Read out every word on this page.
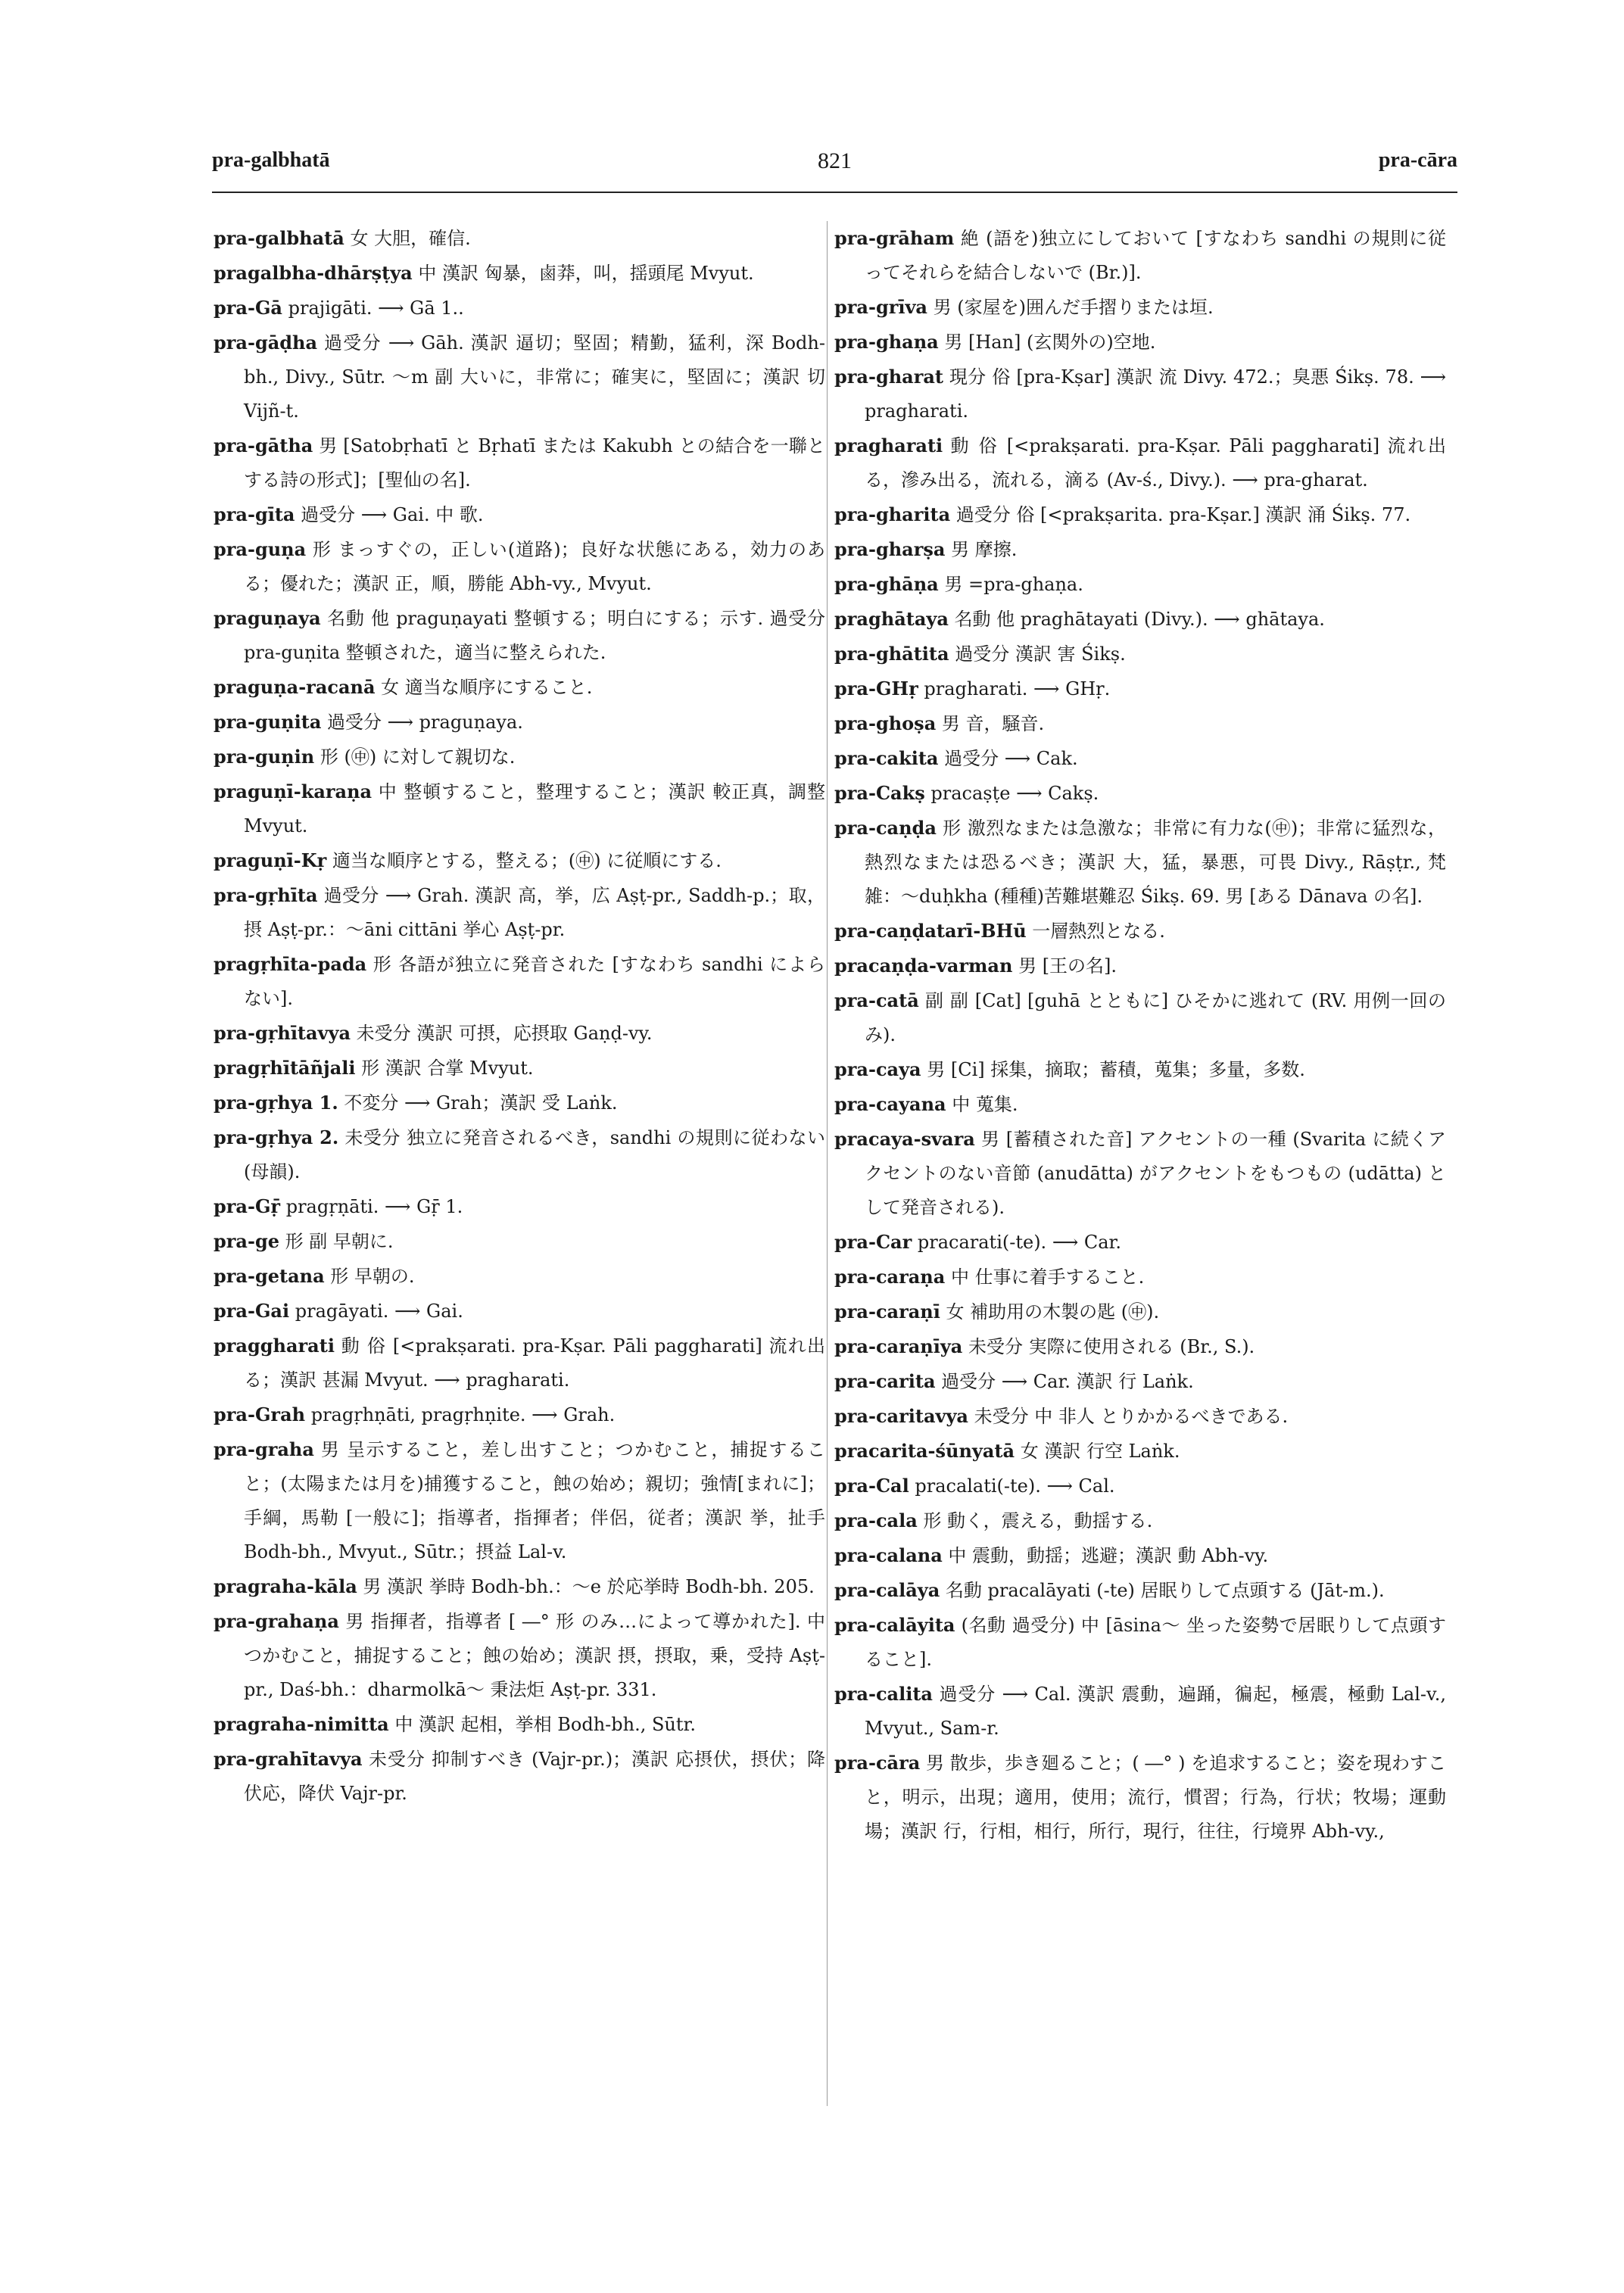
pra-galbhatā	821	pra-cāra
pra-galbhatā 女 大胆，確信.
pragalbha-dhārṣṭya 中 漢訳 匈暴，鹵莽，叫，揺頭尾 Mvyut.
pra-Gā prajigāti. ⟶ Gā 1..
pra-gāḍha 過受分 ⟶ Gāh. 漢訳 逼切；堅固；精勤，猛利，深 Bodh-bh., Divy., Sūtr. ～m 副 大いに，非常に；確実に，堅固に；漢訳 切 Vijñ-t.
pra-gātha 男 [Satobṛhatī と Bṛhatī または Kakubh との結合を一聯とする詩の形式]；[聖仙の名].
pra-gīta 過受分 ⟶ Gai. 中 歌.
pra-guṇa 形 まっすぐの，正しい(道路)；良好な状態にある，効力のある；優れた；漢訳 正，順，勝能 Abh-vy., Mvyut.
praguṇaya 名動 他 praguṇayati 整頓する；明白にする；示す. 過受分 pra-guṇita 整頓された，適当に整えられた.
praguṇa-racanā 女 適当な順序にすること.
pra-guṇita 過受分 ⟶ praguṇaya.
pra-guṇin 形 (㊥) に対して親切な.
praguṇī-karaṇa 中 整頓すること，整理すること；漢訳 較正真，調整 Mvyut.
praguṇī-Kṛ 適当な順序とする，整える；(㊥) に従順にする.
pra-gṛhīta 過受分 ⟶ Grah. 漢訳 高，挙，広 Aṣṭ-pr., Saddh-p.；取，摂 Aṣṭ-pr.：～āni cittāni 挙心 Aṣṭ-pr.
pragṛhīta-pada 形 各語が独立に発音された [すなわち sandhi によらない].
pra-gṛhītavya 未受分 漢訳 可摂，応摂取 Gaṇḍ-vy.
pragṛhītāñjali 形 漢訳 合掌 Mvyut.
pra-gṛhya 1. 不変分 ⟶ Grah；漢訳 受 Laṅk.
pra-gṛhya 2. 未受分 独立に発音されるべき，sandhi の規則に従わない(母韻).
pra-Gṝ pragṛṇāti. ⟶ Gṝ 1.
pra-ge 形 副 早朝に.
pra-getana 形 早朝の.
pra-Gai pragāyati. ⟶ Gai.
praggharati 動 俗 [<prakṣarati. pra-Kṣar. Pāli paggharati] 流れ出る；漢訳 甚漏 Mvyut. ⟶ pragharati.
pra-Grah pragṛhṇāti, pragṛhṇite. ⟶ Grah.
pra-graha 男 呈示すること，差し出すこと；つかむこと，捕捉すること；(太陽または月を)捕獲すること，蝕の始め；親切；強情[まれに]；手綱，馬勒 [一般に]；指導者，指揮者；伴侶，従者；漢訳 挙，扯手 Bodh-bh., Mvyut., Sūtr.；摂益 Lal-v.
pragraha-kāla 男 漢訳 挙時 Bodh-bh.：～e 於応挙時 Bodh-bh. 205.
pra-grahaṇa 男 指揮者，指導者 [ ―° 形 のみ…によって導かれた]. 中 つかむこと，捕捉すること；蝕の始め；漢訳 摂，摂取，乗，受持 Aṣṭ-pr., Daś-bh.：dharmolkā～ 秉法炬 Aṣṭ-pr. 331.
pragraha-nimitta 中 漢訳 起相，挙相 Bodh-bh., Sūtr.
pra-grahītavya 未受分 抑制すべき (Vajr-pr.)；漢訳 応摂伏，摂伏；降伏応，降伏 Vajr-pr.
pra-grāham 絶 (語を)独立にしておいて [すなわち sandhi の規則に従ってそれらを結合しないで (Br.)].
pra-grīva 男 (家屋を)囲んだ手摺りまたは垣.
pra-ghaṇa 男 [Han] (玄関外の)空地.
pra-gharat 現分 俗 [pra-Kṣar] 漢訳 流 Divy. 472.；臭悪 Śikṣ. 78. ⟶ pragharati.
pragharati 動 俗 [<prakṣarati. pra-Kṣar. Pāli paggharati] 流れ出る，滲み出る，流れる，滴る (Av-ś., Divy.). ⟶ pra-gharat.
pra-gharita 過受分 俗 [<prakṣarita. pra-Kṣar.] 漢訳 涌 Śikṣ. 77.
pra-gharṣa 男 摩擦.
pra-ghāṇa 男 =pra-ghaṇa.
praghātaya 名動 他 praghātayati (Divy.). ⟶ ghātaya.
pra-ghātita 過受分 漢訳 害 Śikṣ.
pra-GHṛ pragharati. ⟶ GHṛ.
pra-ghoṣa 男 音，騒音.
pra-cakita 過受分 ⟶ Cak.
pra-Cakṣ pracaṣṭe ⟶ Cakṣ.
pra-caṇḍa 形 激烈なまたは急激な；非常に有力な(㊥)；非常に猛烈な，熱烈なまたは恐るべき；漢訳 大，猛，暴悪，可畏 Divy., Rāṣṭr., 梵雑：～duḥkha (種種)苦難堪難忍 Śikṣ. 69. 男 [ある Dānava の名].
pra-caṇḍatarī-BHū 一層熱烈となる.
pracaṇḍa-varman 男 [王の名].
pra-catā 副 副 [Cat] [guhā とともに] ひそかに逃れて (RV. 用例一回のみ).
pra-caya 男 [Ci] 採集，摘取；蓄積，蒐集；多量，多数.
pra-cayana 中 蒐集.
pracaya-svara 男 [蓄積された音] アクセントの一種 (Svarita に続くアクセントのない音節 (anudātta) がアクセントをもつもの (udātta) として発音される).
pra-Car pracarati(-te). ⟶ Car.
pra-caraṇa 中 仕事に着手すること.
pra-caraṇī 女 補助用の木製の匙 (㊥).
pra-caraṇīya 未受分 実際に使用される (Br., S.).
pra-carita 過受分 ⟶ Car. 漢訳 行 Laṅk.
pra-caritavya 未受分 中 非人 とりかかるべきである.
pracarita-śūnyatā 女 漢訳 行空 Laṅk.
pra-Cal pracalati(-te). ⟶ Cal.
pra-cala 形 動く，震える，動揺する.
pra-calana 中 震動，動揺；逃避；漢訳 動 Abh-vy.
pra-calāya 名動 pracalāyati (-te) 居眠りして点頭する (Jāt-m.).
pra-calāyita (名動 過受分) 中 [āsina～ 坐った姿勢で居眠りして点頭すること].
pra-calita 過受分 ⟶ Cal. 漢訳 震動，遍踊，徧起，極震，極動 Lal-v., Mvyut., Sam-r.
pra-cāra 男 散歩，歩き廻ること；( ―° ) を追求すること；姿を現わすこと，明示，出現；適用，使用；流行，慣習；行為，行状；牧場；運動場；漢訳 行，行相，相行，所行，現行，往往，行境界 Abh-vy.,
